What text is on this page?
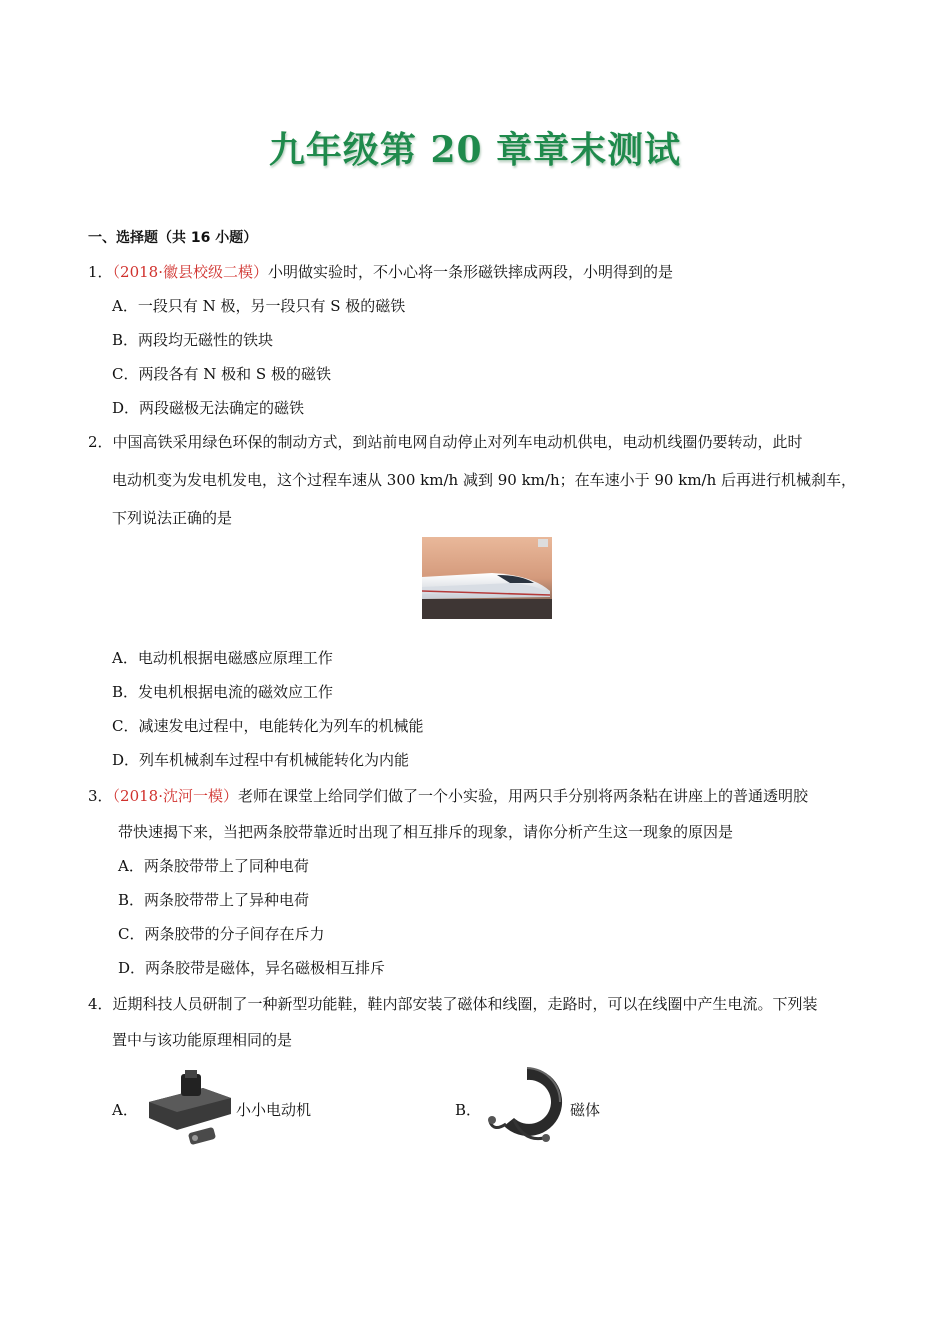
九年级第 20 章章末测试
一、选择题（共 16 小题）
1．（2018·徽县校级二模）小明做实验时，不小心将一条形磁铁摔成两段，小明得到的是
A．一段只有 N 极，另一段只有 S 极的磁铁
B．两段均无磁性的铁块
C．两段各有 N 极和 S 极的磁铁
D．两段磁极无法确定的磁铁
2．中国高铁采用绿色环保的制动方式，到站前电网自动停止对列车电动机供电，电动机线圈仍要转动，此时
电动机变为发电机发电，这个过程车速从 300 km/h 减到 90 km/h；在车速小于 90 km/h 后再进行机械刹车，
下列说法正确的是
A．电动机根据电磁感应原理工作
B．发电机根据电流的磁效应工作
C．减速发电过程中，电能转化为列车的机械能
D．列车机械刹车过程中有机械能转化为内能
3．（2018·沈河一模）老师在课堂上给同学们做了一个小实验，用两只手分别将两条粘在讲座上的普通透明胶
带快速揭下来，当把两条胶带靠近时出现了相互排斥的现象，请你分析产生这一现象的原因是
A．两条胶带带上了同种电荷
B．两条胶带带上了异种电荷
C．两条胶带的分子间存在斥力
D．两条胶带是磁体，异名磁极相互排斥
4．近期科技人员研制了一种新型功能鞋，鞋内部安装了磁体和线圈，走路时，可以在线圈中产生电流。下列装
置中与该功能原理相同的是
A．	小小电动机	B．	磁体
